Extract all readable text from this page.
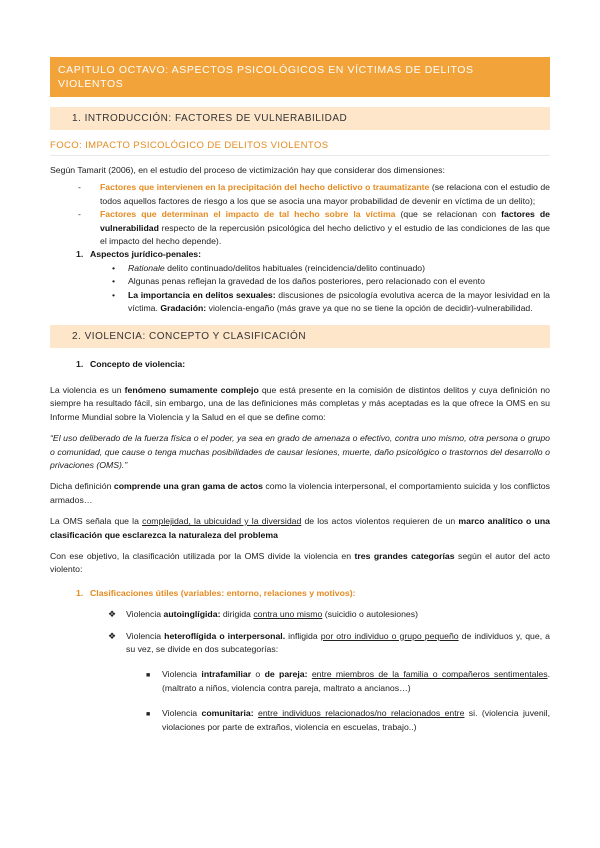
CAPITULO OCTAVO: ASPECTOS PSICOLÓGICOS EN VÍCTIMAS DE DELITOS VIOLENTOS
1. INTRODUCCIÓN: FACTORES DE VULNERABILIDAD
FOCO: IMPACTO PSICOLÓGICO DE DELITOS VIOLENTOS

Según Tamarit (2006), en el estudio del proceso de victimización hay que considerar dos dimensiones:

-	Factores que intervienen en la precipitación del hecho delictivo o traumatizante (se relaciona con el estudio de todos aquellos factores de riesgo a los que se asocia una mayor probabilidad de devenir en víctima de un delito);
-	Factores que determinan el impacto de tal hecho sobre la víctima (que se relacionan con factores de vulnerabilidad respecto de la repercusión psicológica del hecho delictivo y el estudio de las condiciones de las que el impacto del hecho depende).
1. Aspectos jurídico-penales:
•	Rationale delito continuado/delitos habituales (reincidencia/delito continuado)
•	Algunas penas reflejan la gravedad de los daños posteriores, pero relacionado con el evento
•	La importancia en delitos sexuales: discusiones de psicología evolutiva acerca de la mayor lesividad en la víctima. Gradación: violencia-engaño (más grave ya que no se tiene la opción de decidir)-vulnerabilidad.
2. VIOLENCIA: CONCEPTO Y CLASIFICACIÓN
1. Concepto de violencia:

La violencia es un fenómeno sumamente complejo que está presente en la comisión de distintos delitos y cuya definición no siempre ha resultado fácil, sin embargo, una de las definiciones más completas y más aceptadas es la que ofrece la OMS en su Informe Mundial sobre la Violencia y la Salud en el que se define como:

“El uso deliberado de la fuerza física o el poder, ya sea en grado de amenaza o efectivo, contra uno mismo, otra persona o grupo o comunidad, que cause o tenga muchas posibilidades de causar lesiones, muerte, daño psicológico o trastornos del desarrollo o privaciones (OMS).”

Dicha definición comprende una gran gama de actos como la violencia interpersonal, el comportamiento suicida y los conflictos armados…

La OMS señala que la complejidad, la ubicuidad y la diversidad de los actos violentos requieren de un marco analítico o una clasificación que esclarezca la naturaleza del problema

Con ese objetivo, la clasificación utilizada por la OMS divide la violencia en tres grandes categorías según el autor del acto violento:

1. Clasificaciones útiles (variables: entorno, relaciones y motivos):
❖	Violencia autoinglígida: dirigida contra uno mismo (suicidio o autolesiones)
❖	Violencia heteroflígida o interpersonal. infligida por otro individuo o grupo pequeño de individuos y, que, a su vez, se divide en dos subcategorías:
■	Violencia intrafamiliar o de pareja: entre miembros de la familia o compañeros sentimentales. (maltrato a niños, violencia contra pareja, maltrato a ancianos…)
■	Violencia comunitaria: entre individuos relacionados/no relacionados entre si. (violencia juvenil, violaciones por parte de extraños, violencia en escuelas, trabajo..)
